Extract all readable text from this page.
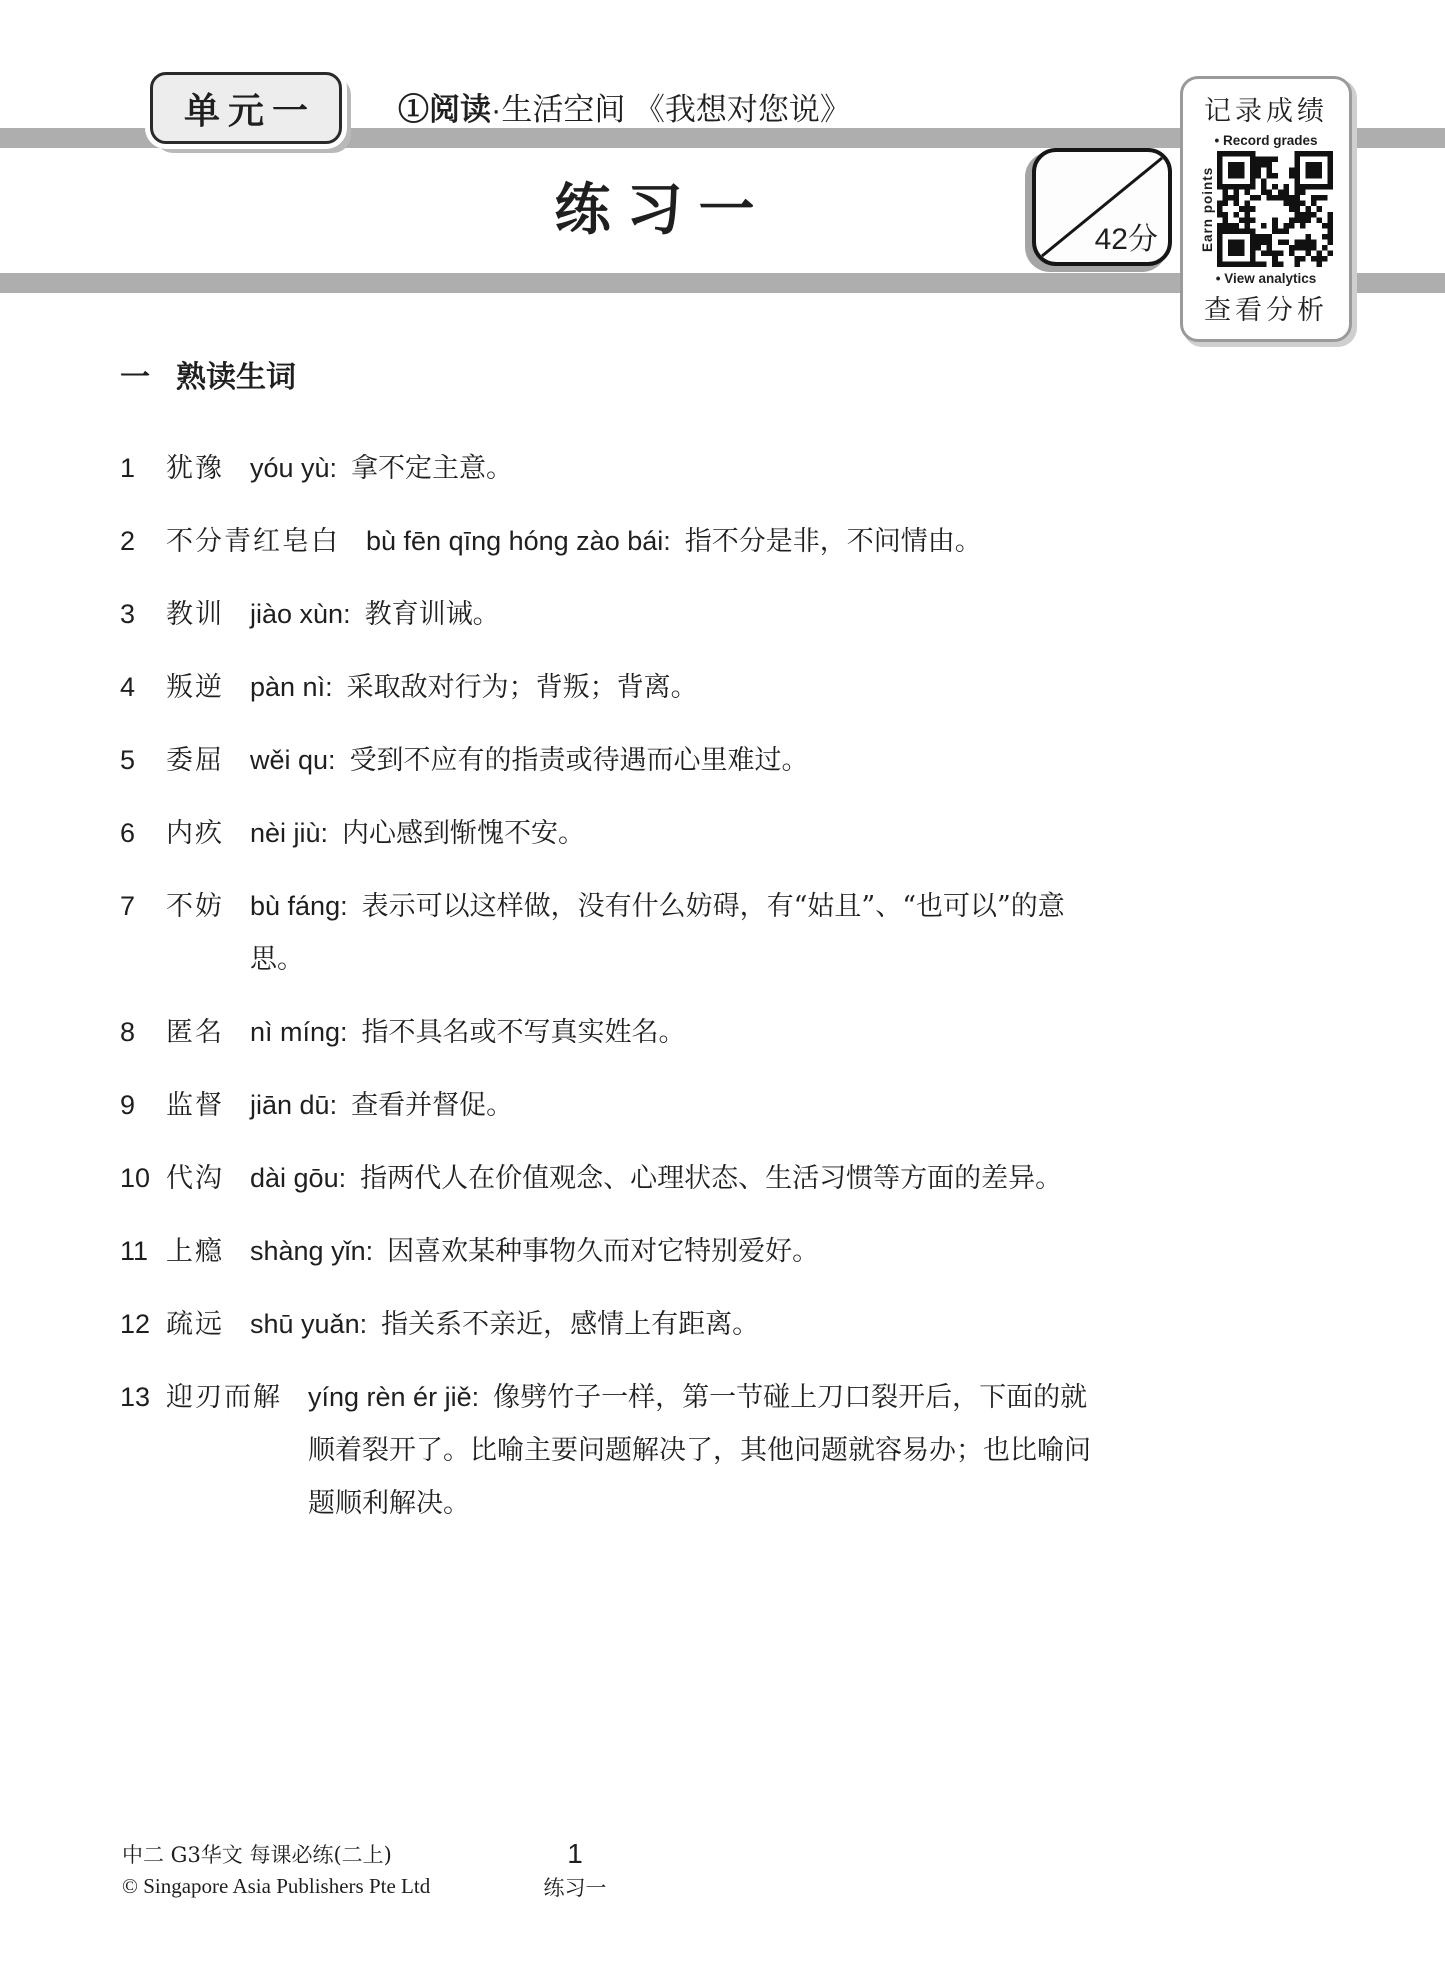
单元一	①阅读·生活空间 《我想对您说》
练习一	42分
记录成绩
• Record grades
Earn points
• View analytics
查看分析
一 熟读生词
1	犹豫 yóu yù: 拿不定主意。
2	不分青红皂白 bù fēn qīng hóng zào bái: 指不分是非，不问情由。
3	教训 jiào xùn: 教育训诫。
4	叛逆 pàn nì: 采取敌对行为；背叛；背离。
5	委屈 wěi qu: 受到不应有的指责或待遇而心里难过。
6	内疚 nèi jiù: 内心感到惭愧不安。
7	不妨 bù fáng: 表示可以这样做，没有什么妨碍，有“姑且”、“也可以”的意思。
8	匿名 nì míng: 指不具名或不写真实姓名。
9	监督 jiān dū: 查看并督促。
10 代沟 dài gōu: 指两代人在价值观念、心理状态、生活习惯等方面的差异。
11 上瘾 shàng yǐn: 因喜欢某种事物久而对它特别爱好。
12 疏远 shū yuǎn: 指关系不亲近，感情上有距离。
13 迎刃而解 yíng rèn ér jiě: 像劈竹子一样，第一节碰上刀口裂开后，下面的就顺着裂开了。比喻主要问题解决了，其他问题就容易办；也比喻问题顺利解决。
中二 G3华文 每课必练(二上)
© Singapore Asia Publishers Pte Ltd
1
练习一
